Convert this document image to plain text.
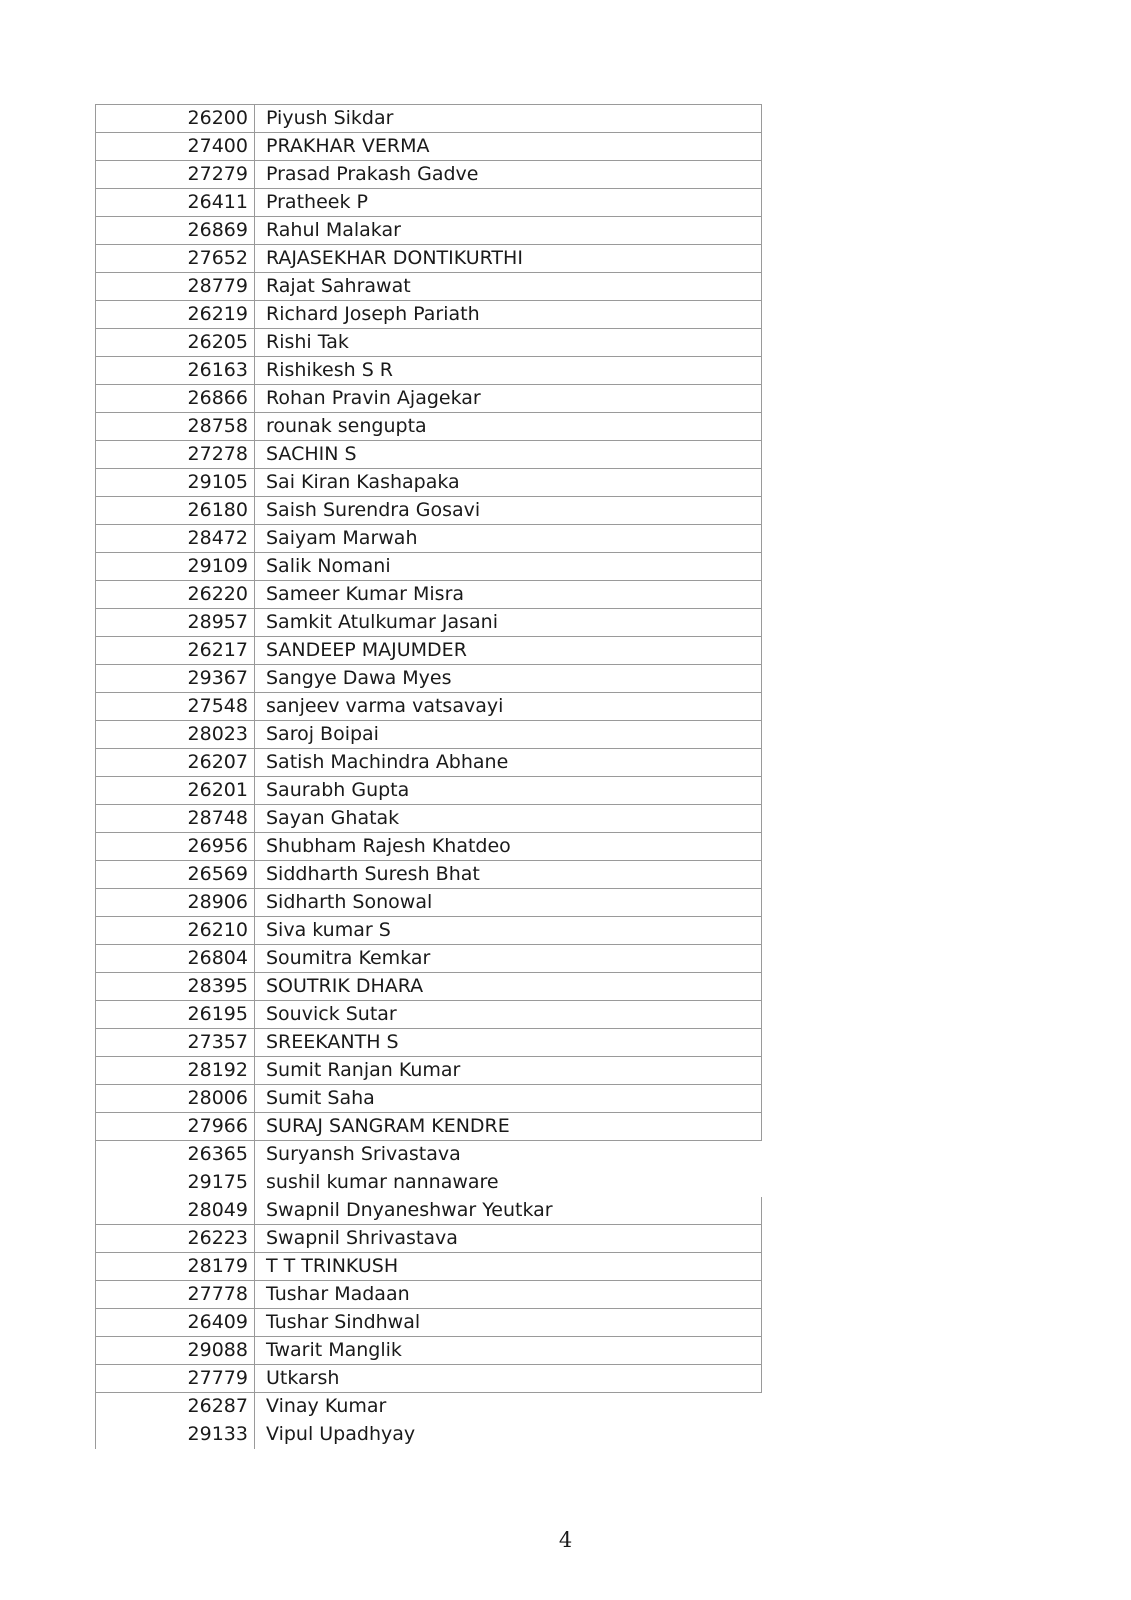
26200	Piyush Sikdar
27400	PRAKHAR VERMA
27279	Prasad Prakash Gadve
26411	Pratheek P
26869	Rahul Malakar
27652	RAJASEKHAR DONTIKURTHI
28779	Rajat Sahrawat
26219	Richard Joseph Pariath
26205	Rishi Tak
26163	Rishikesh S R
26866	Rohan Pravin Ajagekar
28758	rounak sengupta
27278	SACHIN S
29105	Sai Kiran Kashapaka
26180	Saish Surendra Gosavi
28472	Saiyam Marwah
29109	Salik Nomani
26220	Sameer Kumar Misra
28957	Samkit Atulkumar Jasani
26217	SANDEEP MAJUMDER
29367	Sangye Dawa Myes
27548	sanjeev varma vatsavayi
28023	Saroj Boipai
26207	Satish Machindra Abhane
26201	Saurabh Gupta
28748	Sayan Ghatak
26956	Shubham Rajesh Khatdeo
26569	Siddharth Suresh Bhat
28906	Sidharth Sonowal
26210	Siva kumar S
26804	Soumitra Kemkar
28395	SOUTRIK DHARA
26195	Souvick Sutar
27357	SREEKANTH S
28192	Sumit Ranjan Kumar
28006	Sumit Saha
27966	SURAJ SANGRAM KENDRE
26365	Suryansh Srivastava
29175	sushil kumar nannaware
28049	Swapnil Dnyaneshwar Yeutkar
26223	Swapnil Shrivastava
28179	T T TRINKUSH
27778	Tushar Madaan
26409	Tushar Sindhwal
29088	Twarit Manglik
27779	Utkarsh
26287	Vinay Kumar
29133	Vipul Upadhyay
4
